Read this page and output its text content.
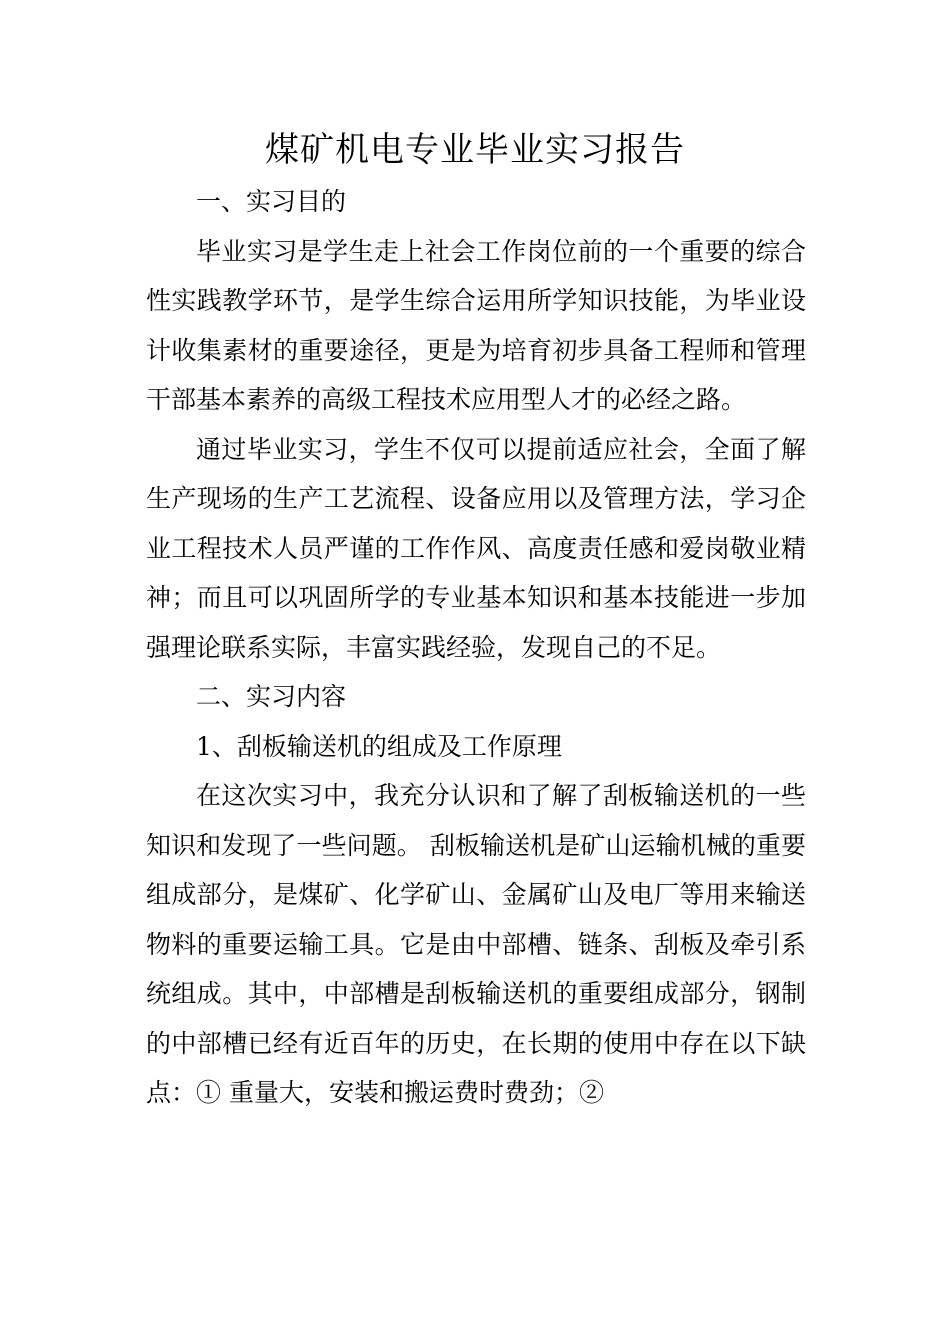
煤矿机电专业毕业实习报告

一、实习目的

毕业实习是学生走上社会工作岗位前的一个重要的综合性实践教学环节，是学生综合运用所学知识技能，为毕业设计收集素材的重要途径，更是为培育初步具备工程师和管理干部基本素养的高级工程技术应用型人才的必经之路。

通过毕业实习，学生不仅可以提前适应社会，全面了解生产现场的生产工艺流程、设备应用以及管理方法，学习企业工程技术人员严谨的工作作风、高度责任感和爱岗敬业精神；而且可以巩固所学的专业基本知识和基本技能进一步加强理论联系实际，丰富实践经验，发现自己的不足。

二、实习内容

1、刮板输送机的组成及工作原理

在这次实习中，我充分认识和了解了刮板输送机的一些知识和发现了一些问题。 刮板输送机是矿山运输机械的重要组成部分，是煤矿、化学矿山、金属矿山及电厂等用来输送物料的重要运输工具。它是由中部槽、链条、刮板及牵引系统组成。其中，中部槽是刮板输送机的重要组成部分，钢制的中部槽已经有近百年的历史，在长期的使用中存在以下缺点：① 重量大，安装和搬运费时费劲；②
